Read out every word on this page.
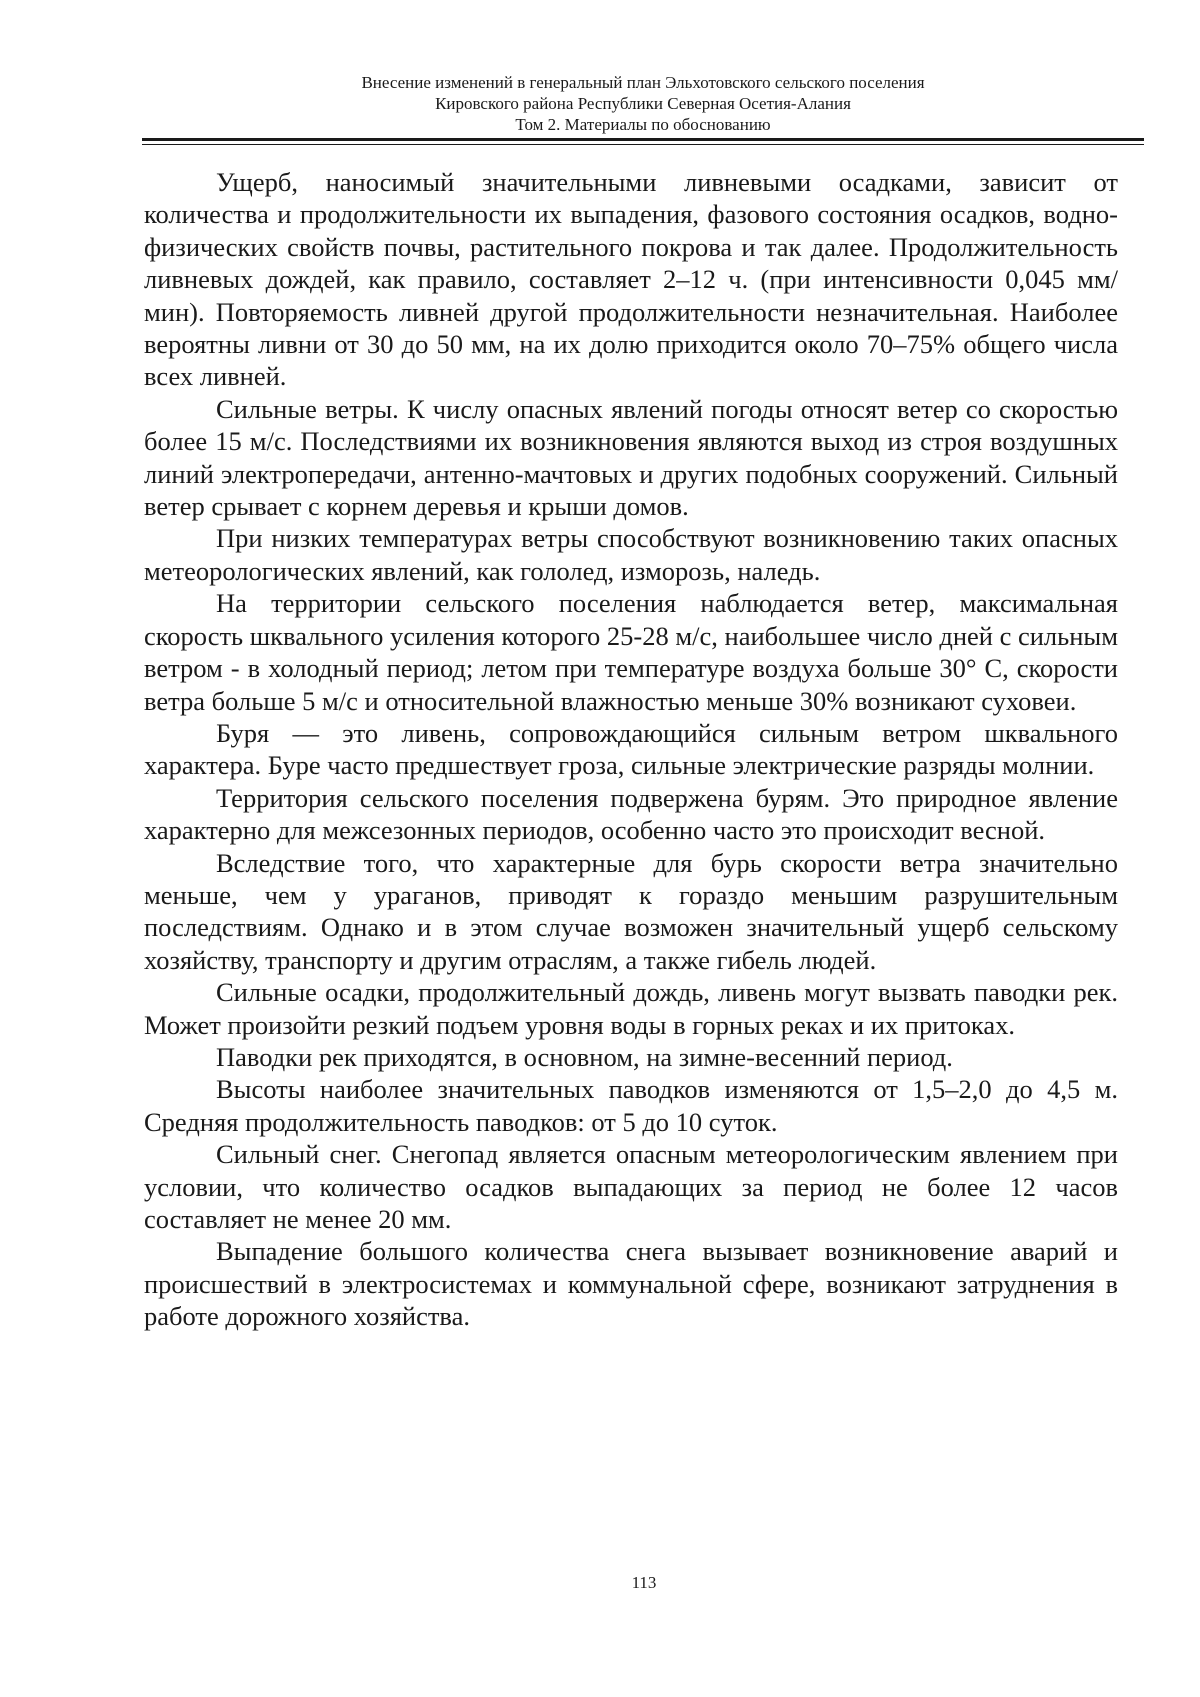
Внесение изменений в генеральный план Эльхотовского сельского поселения
Кировского района Республики Северная Осетия-Алания
Том 2. Материалы по обоснованию

Ущерб, наносимый значительными ливневыми осадками, зависит от количества и продолжительности их выпадения, фазового состояния осадков, водно-физических свойств почвы, растительного покрова и так далее. Продолжительность ливневых дождей, как правило, составляет 2–12 ч. (при интенсивности 0,045 мм/мин). Повторяемость ливней другой продолжительности незначительная. Наиболее вероятны ливни от 30 до 50 мм, на их долю приходится около 70–75% общего числа всех ливней.

Сильные ветры. К числу опасных явлений погоды относят ветер со скоростью более 15 м/с. Последствиями их возникновения являются выход из строя воздушных линий электропередачи, антенно-мачтовых и других подобных сооружений. Сильный ветер срывает с корнем деревья и крыши домов.

При низких температурах ветры способствуют возникновению таких опасных метеорологических явлений, как гололед, изморозь, наледь.

На территории сельского поселения наблюдается ветер, максимальная скорость шквального усиления которого 25-28 м/с, наибольшее число дней с сильным ветром - в холодный период; летом при температуре воздуха больше 30° С, скорости ветра больше 5 м/с и относительной влажностью меньше 30% возникают суховеи.

Буря — это ливень, сопровождающийся сильным ветром шквального характера. Буре часто предшествует гроза, сильные электрические разряды молнии.

Территория сельского поселения подвержена бурям. Это природное явление характерно для межсезонных периодов, особенно часто это происходит весной.

Вследствие того, что характерные для бурь скорости ветра значительно меньше, чем у ураганов, приводят к гораздо меньшим разрушительным последствиям. Однако и в этом случае возможен значительный ущерб сельскому хозяйству, транспорту и другим отраслям, а также гибель людей.

Сильные осадки, продолжительный дождь, ливень могут вызвать паводки рек. Может произойти резкий подъем уровня воды в горных реках и их притоках.

Паводки рек приходятся, в основном, на зимне-весенний период.

Высоты наиболее значительных паводков изменяются от 1,5–2,0 до 4,5 м. Средняя продолжительность паводков: от 5 до 10 суток.

Сильный снег. Снегопад является опасным метеорологическим явлением при условии, что количество осадков выпадающих за период не более 12 часов составляет не менее 20 мм.

Выпадение большого количества снега вызывает возникновение аварий и происшествий в электросистемах и коммунальной сфере, возникают затруднения в работе дорожного хозяйства.

113
